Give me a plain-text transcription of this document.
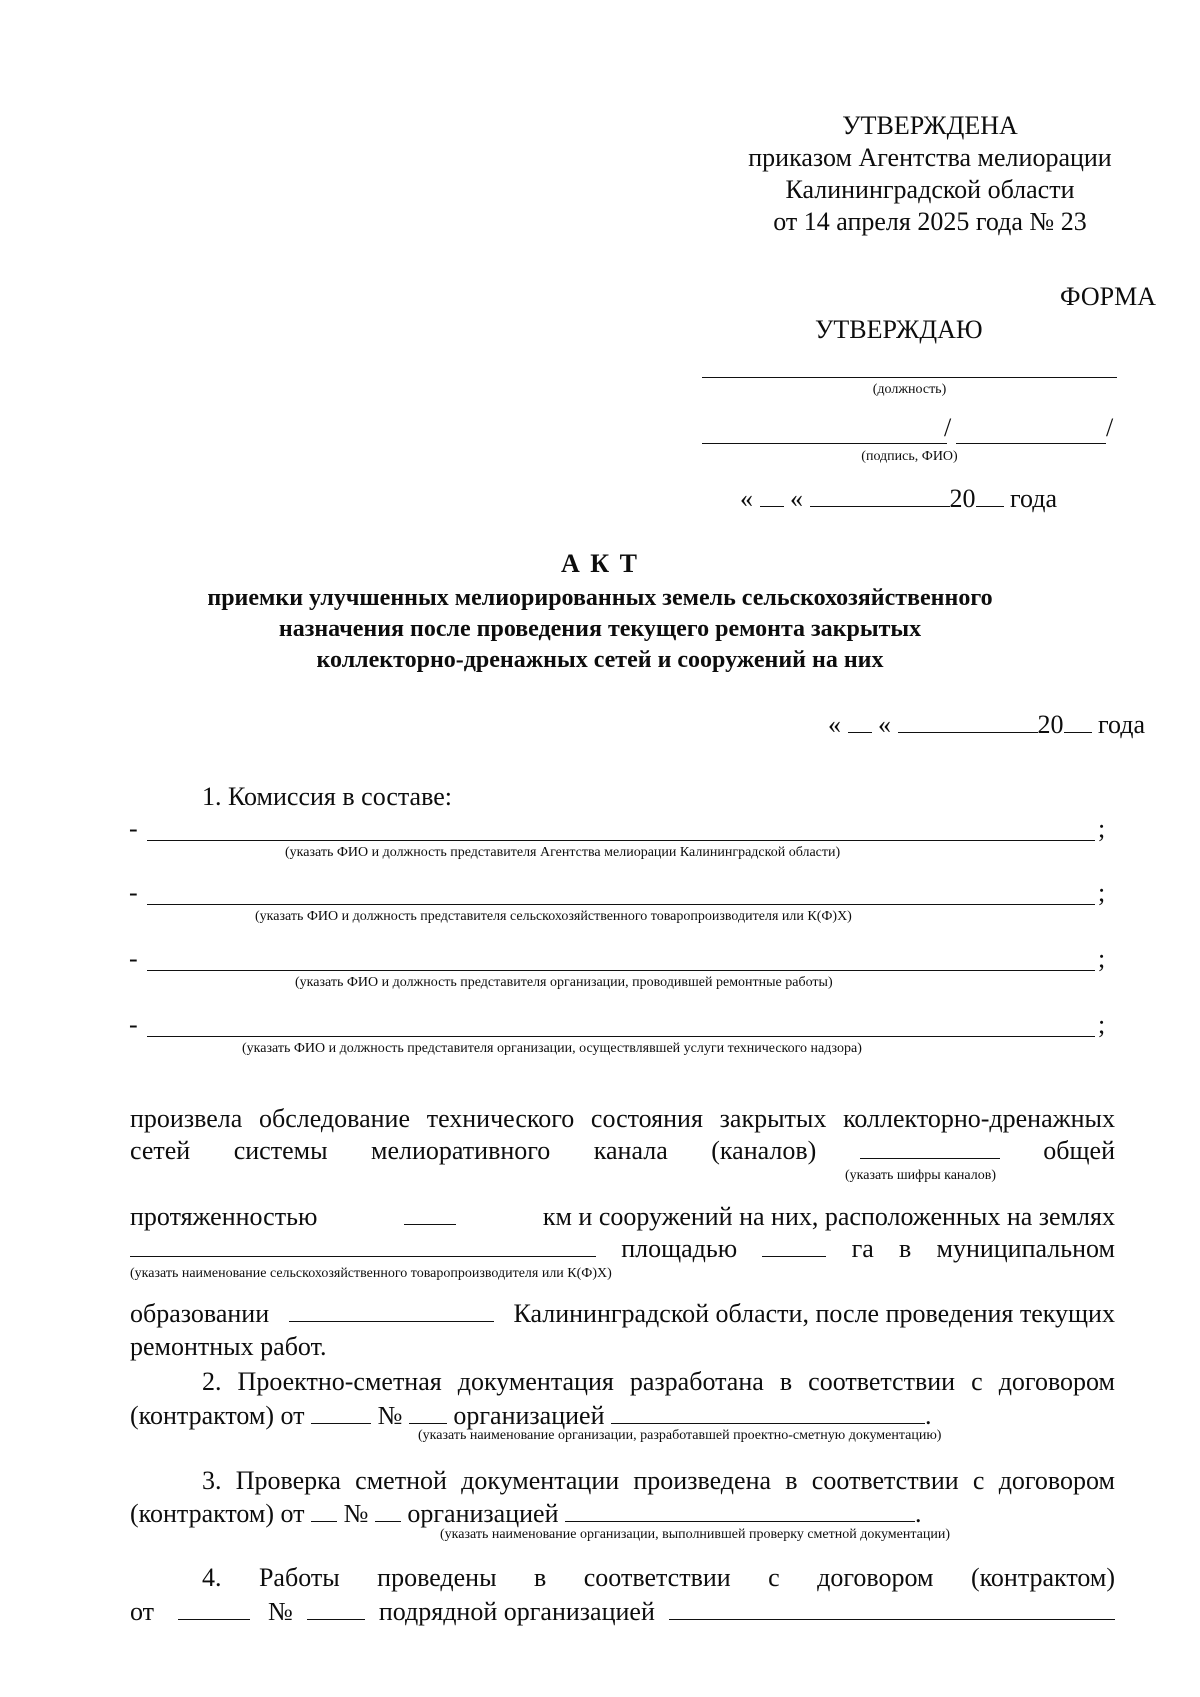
УТВЕРЖДЕНА
приказом Агентства мелиорации
Калининградской области
от 14 апреля 2025 года № 23
ФОРМА
УТВЕРЖДАЮ
(должность)
/	/
(подпись, ФИО)
« «	20 года
А К Т
приемки улучшенных мелиорированных земель сельскохозяйственного
назначения после проведения текущего ремонта закрытых
коллекторно-дренажных сетей и сооружений на них
« «	20 года
1. Комиссия в составе:
-	;
(указать ФИО и должность представителя Агентства мелиорации Калининградской области)
-	;
(указать ФИО и должность представителя сельскохозяйственного товаропроизводителя или К(Ф)Х)
-	;
(указать ФИО и должность представителя организации, проводившей ремонтные работы)
-	;
(указать ФИО и должность представителя организации, осуществлявшей услуги технического надзора)
произвела обследование технического состояния закрытых коллекторно-дренажных
сетей системы мелиоративного канала (каналов)	общей
(указать шифры каналов)
протяженностью	км и сооружений на них, расположенных на землях
площадью	га в муниципальном
(указать наименование сельскохозяйственного товаропроизводителя или К(Ф)Х)
образовании	Калининградской области, после проведения текущих
ремонтных работ.
2. Проектно-сметная документация разработана в соответствии с договором
(контрактом) от	№ организацией	.
(указать наименование организации, разработавшей проектно-сметную документацию)
3. Проверка сметной документации произведена в соответствии с договором
(контрактом) от № организацией	.
(указать наименование организации, выполнившей проверку сметной документации)
4. Работы проведены в соответствии с договором (контрактом)
от	№	подрядной организацией
